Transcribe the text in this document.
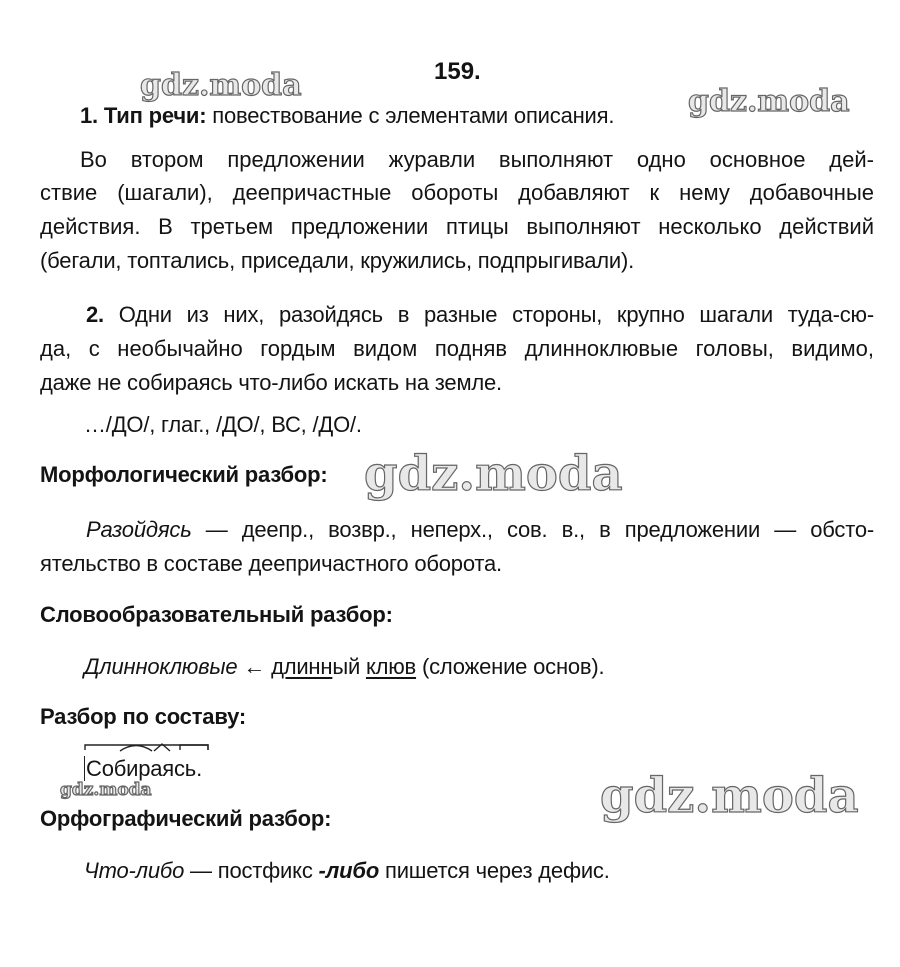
gdz.moda	gdz.moda
gdz.moda
gdz.moda	gdz.moda
159.
1. Тип речи: повествование с элементами описания.
Во втором предложении журавли выполняют одно основное дей-
ствие (шагали), деепричастные обороты добавляют к нему добавочные
действия. В третьем предложении птицы выполняют несколько действий
(бегали, топтались, приседали, кружились, подпрыгивали).
2. Одни из них, разойдясь в разные стороны, крупно шагали туда-сю-
да, с необычайно гордым видом подняв длинноклювые головы, видимо,
даже не собираясь что-либо искать на земле.
…/ДО/, глаг., /ДО/, ВС, /ДО/.
Морфологический разбор:
Разойдясь — деепр., возвр., неперх., сов. в., в предложении — обсто-
ятельство в составе деепричастного оборота.
Словообразовательный разбор:
Длинноклювые ← длинный клюв (сложение основ).
Разбор по составу:
Собираясь.
Орфографический разбор:
Что-либо — постфикс -либо пишется через дефис.
